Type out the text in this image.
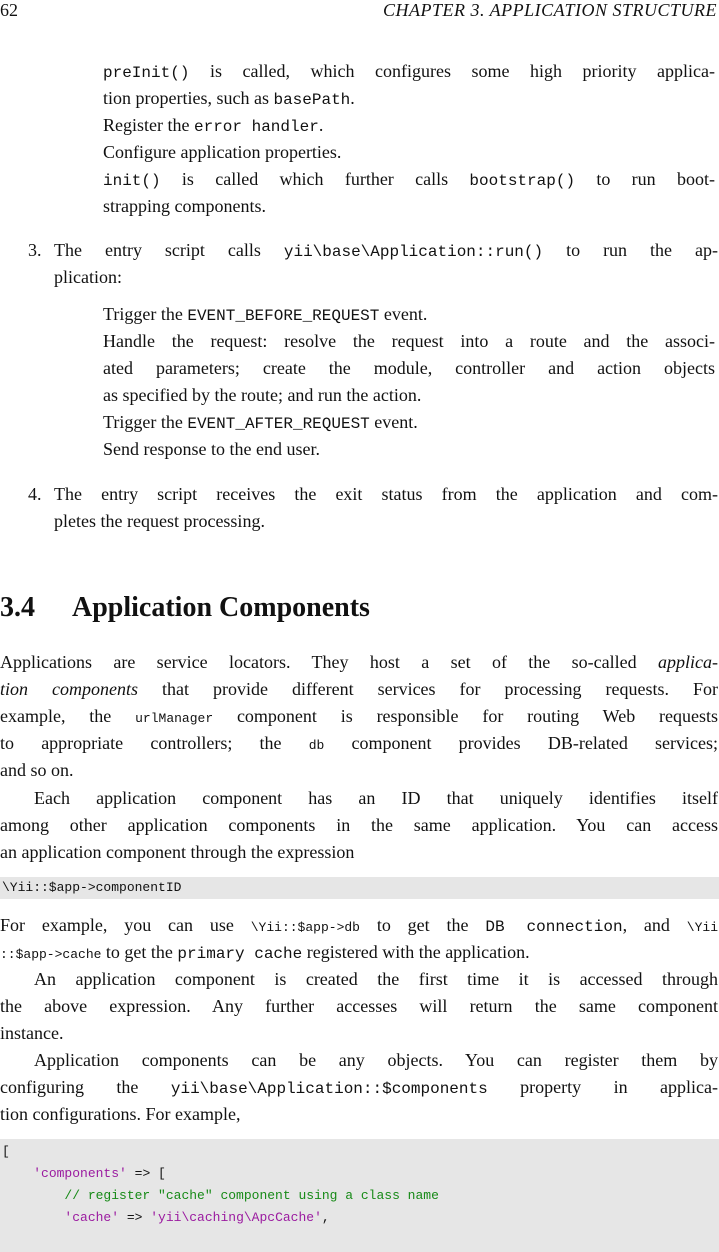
62	CHAPTER 3. APPLICATION STRUCTURE
preInit() is called, which configures some high priority applica-
tion properties, such as basePath.
Register the error handler.
Configure application properties.
init() is called which further calls bootstrap() to run boot-
strapping components.
3. The entry script calls yii\base\Application::run() to run the ap-
plication:
Trigger the EVENT_BEFORE_REQUEST event.
Handle the request: resolve the request into a route and the associ-
ated parameters; create the module, controller and action objects
as specified by the route; and run the action.
Trigger the EVENT_AFTER_REQUEST event.
Send response to the end user.
4. The entry script receives the exit status from the application and com-
pletes the request processing.
3.4 Application Components
Applications are service locators. They host a set of the so-called applica-
tion components that provide different services for processing requests. For
example, the urlManager component is responsible for routing Web requests
to appropriate controllers; the db component provides DB-related services;
and so on.
Each application component has an ID that uniquely identifies itself
among other application components in the same application. You can access
an application component through the expression
\Yii::$app->componentID
For example, you can use \Yii::$app->db to get the DB connection, and \Yii
::$app->cache to get the primary cache registered with the application.
An application component is created the first time it is accessed through
the above expression. Any further accesses will return the same component
instance.
Application components can be any objects. You can register them by
configuring the yii\base\Application::$components property in applica-
tion configurations. For example,
[
'components' => [
// register "cache" component using a class name
'cache' => 'yii\caching\ApcCache',
